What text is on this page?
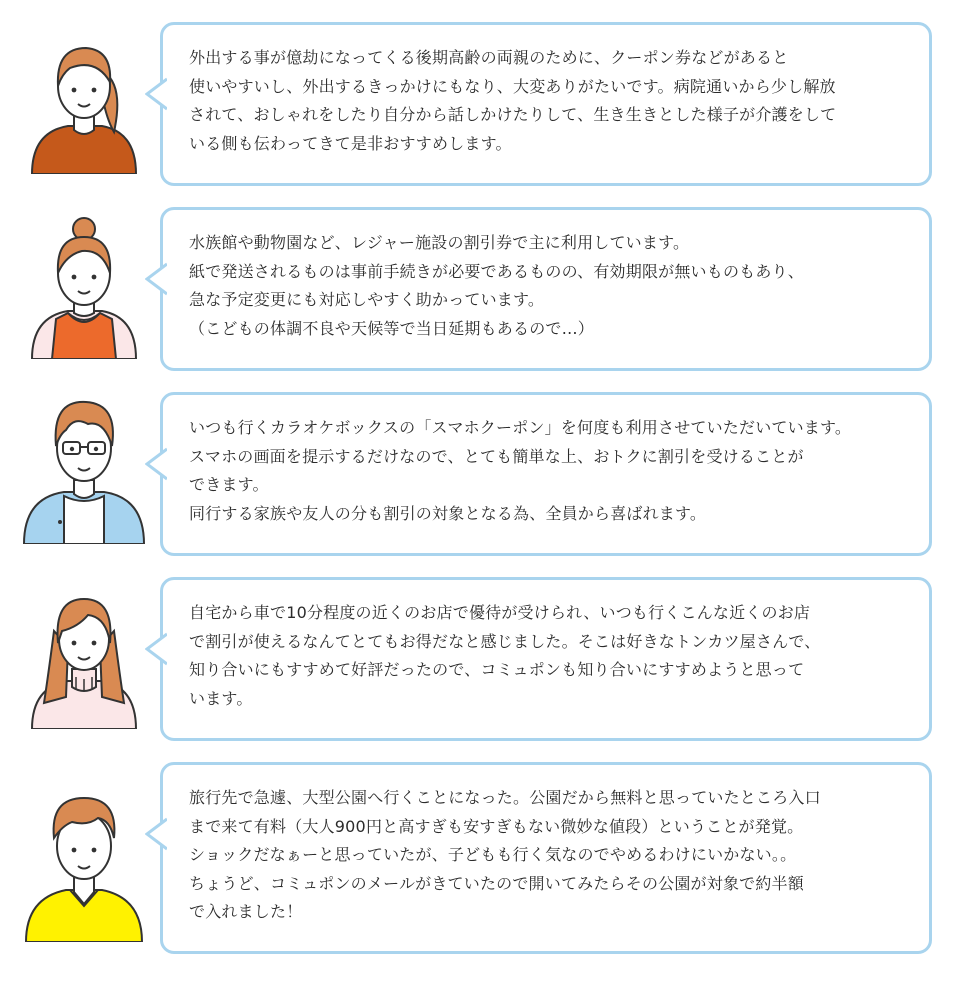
外出する事が億劫になってくる後期高齢の両親のために、クーポン券などがあると
使いやすいし、外出するきっかけにもなり、大変ありがたいです。病院通いから少し解放
されて、おしゃれをしたり自分から話しかけたりして、生き生きとした様子が介護をして
いる側も伝わってきて是非おすすめします。

水族館や動物園など、レジャー施設の割引券で主に利用しています。
紙で発送されるものは事前手続きが必要であるものの、有効期限が無いものもあり、
急な予定変更にも対応しやすく助かっています。
（こどもの体調不良や天候等で当日延期もあるので…）

いつも行くカラオケボックスの「スマホクーポン」を何度も利用させていただいています。
スマホの画面を提示するだけなので、とても簡単な上、おトクに割引を受けることが
できます。
同行する家族や友人の分も割引の対象となる為、全員から喜ばれます。

自宅から車で10分程度の近くのお店で優待が受けられ、いつも行くこんな近くのお店
で割引が使えるなんてとてもお得だなと感じました。そこは好きなトンカツ屋さんで、
知り合いにもすすめて好評だったので、コミュポンも知り合いにすすめようと思って
います。

旅行先で急遽、大型公園へ行くことになった。公園だから無料と思っていたところ入口
まで来て有料（大人900円と高すぎも安すぎもない微妙な値段）ということが発覚。
ショックだなぁーと思っていたが、子どもも行く気なのでやめるわけにいかない。。
ちょうど、コミュポンのメールがきていたので開いてみたらその公園が対象で約半額
で入れました！
